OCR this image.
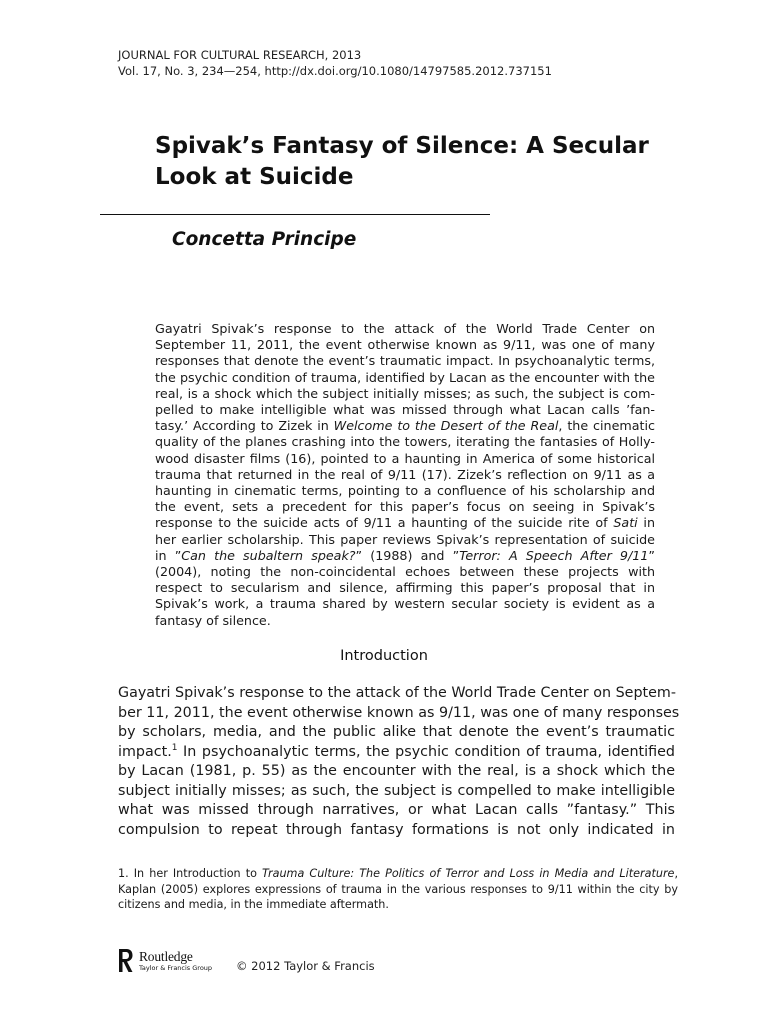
JOURNAL FOR CULTURAL RESEARCH, 2013
Vol. 17, No. 3, 234—254, http://dx.doi.org/10.1080/14797585.2012.737151
Spivak’s Fantasy of Silence: A Secular
Look at Suicide
Concetta Principe
Gayatri Spivak’s response to the attack of the World Trade Center on
September 11, 2011, the event otherwise known as 9/11, was one of many
responses that denote the event’s traumatic impact. In psychoanalytic terms,
the psychic condition of trauma, identified by Lacan as the encounter with the
real, is a shock which the subject initially misses; as such, the subject is com-
pelled to make intelligible what was missed through what Lacan calls ’fan-
tasy.’ According to Zizek in Welcome to the Desert of the Real, the cinematic
quality of the planes crashing into the towers, iterating the fantasies of Holly-
wood disaster films (16), pointed to a haunting in America of some historical
trauma that returned in the real of 9/11 (17). Zizek’s reflection on 9/11 as a
haunting in cinematic terms, pointing to a confluence of his scholarship and
the event, sets a precedent for this paper’s focus on seeing in Spivak’s
response to the suicide acts of 9/11 a haunting of the suicide rite of Sati in
her earlier scholarship. This paper reviews Spivak’s representation of suicide
in ”Can the subaltern speak?” (1988) and ”Terror: A Speech After 9/11”
(2004), noting the non-coincidental echoes between these projects with
respect to secularism and silence, affirming this paper’s proposal that in
Spivak’s work, a trauma shared by western secular society is evident as a
fantasy of silence.
Introduction
Gayatri Spivak’s response to the attack of the World Trade Center on Septem-
ber 11, 2011, the event otherwise known as 9/11, was one of many responses
by scholars, media, and the public alike that denote the event’s traumatic
impact.$^1$ In psychoanalytic terms, the psychic condition of trauma, identified
by Lacan (1981, p. 55) as the encounter with the real, is a shock which the
subject initially misses; as such, the subject is compelled to make intelligible
what was missed through narratives, or what Lacan calls ”fantasy.” This
compulsion to repeat through fantasy formations is not only indicated in
1. In her Introduction to Trauma Culture: The Politics of Terror and Loss in Media and Literature,
Kaplan (2005) explores expressions of trauma in the various responses to 9/11 within the city by
citizens and media, in the immediate aftermath.
Routledge
Taylor & Francis Group © 2012 Taylor & Francis
